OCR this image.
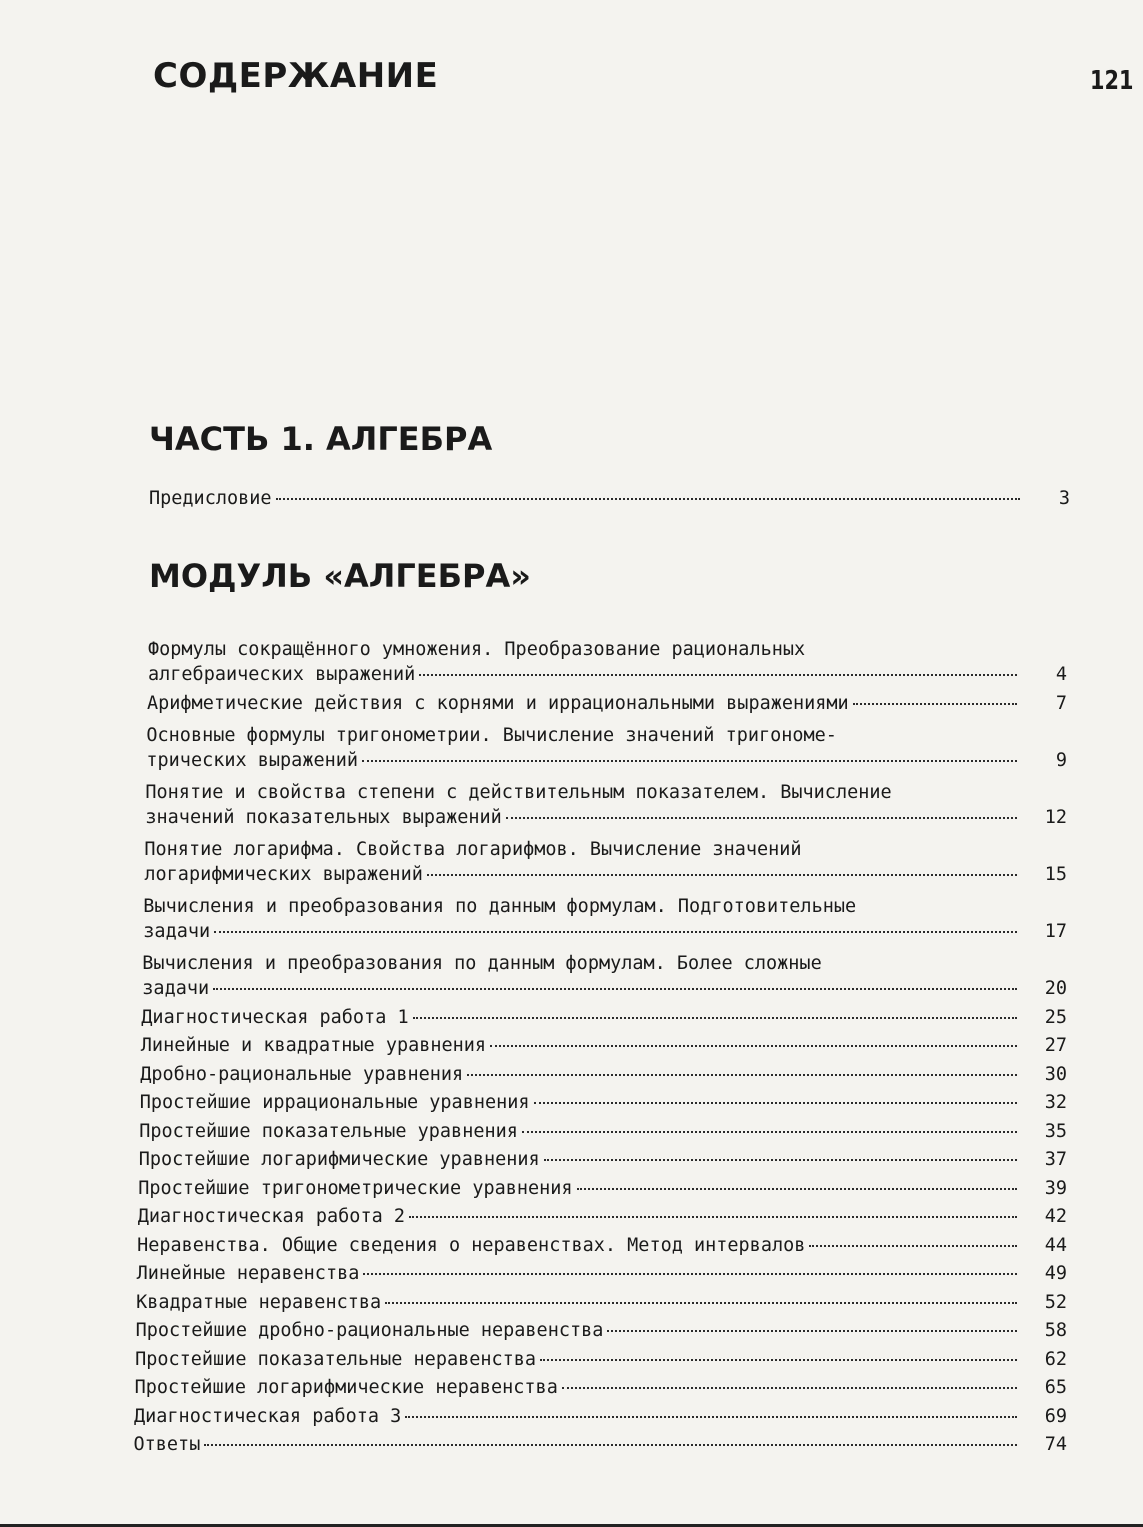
СОДЕРЖАНИЕ	121
ЧАСТЬ 1. АЛГЕБРА
Предисловие	3
МОДУЛЬ «АЛГЕБРА»
Формулы сокращённого умножения. Преобразование рациональных
алгебраических выражений	4
Арифметические действия с корнями и иррациональными выражениями	7
Основные формулы тригонометрии. Вычисление значений тригономе-
трических выражений	9
Понятие и свойства степени с действительным показателем. Вычисление
значений показательных выражений	12
Понятие логарифма. Свойства логарифмов. Вычисление значений
логарифмических выражений	15
Вычисления и преобразования по данным формулам. Подготовительные
задачи	17
Вычисления и преобразования по данным формулам. Более сложные
задачи	20
Диагностическая работа 1	25
Линейные и квадратные уравнения	27
Дробно-рациональные уравнения	30
Простейшие иррациональные уравнения	32
Простейшие показательные уравнения	35
Простейшие логарифмические уравнения	37
Простейшие тригонометрические уравнения	39
Диагностическая работа 2	42
Неравенства. Общие сведения о неравенствах. Метод интервалов	44
Линейные неравенства	49
Квадратные неравенства	52
Простейшие дробно-рациональные неравенства	58
Простейшие показательные неравенства	62
Простейшие логарифмические неравенства	65
Диагностическая работа 3	69
Ответы	74
